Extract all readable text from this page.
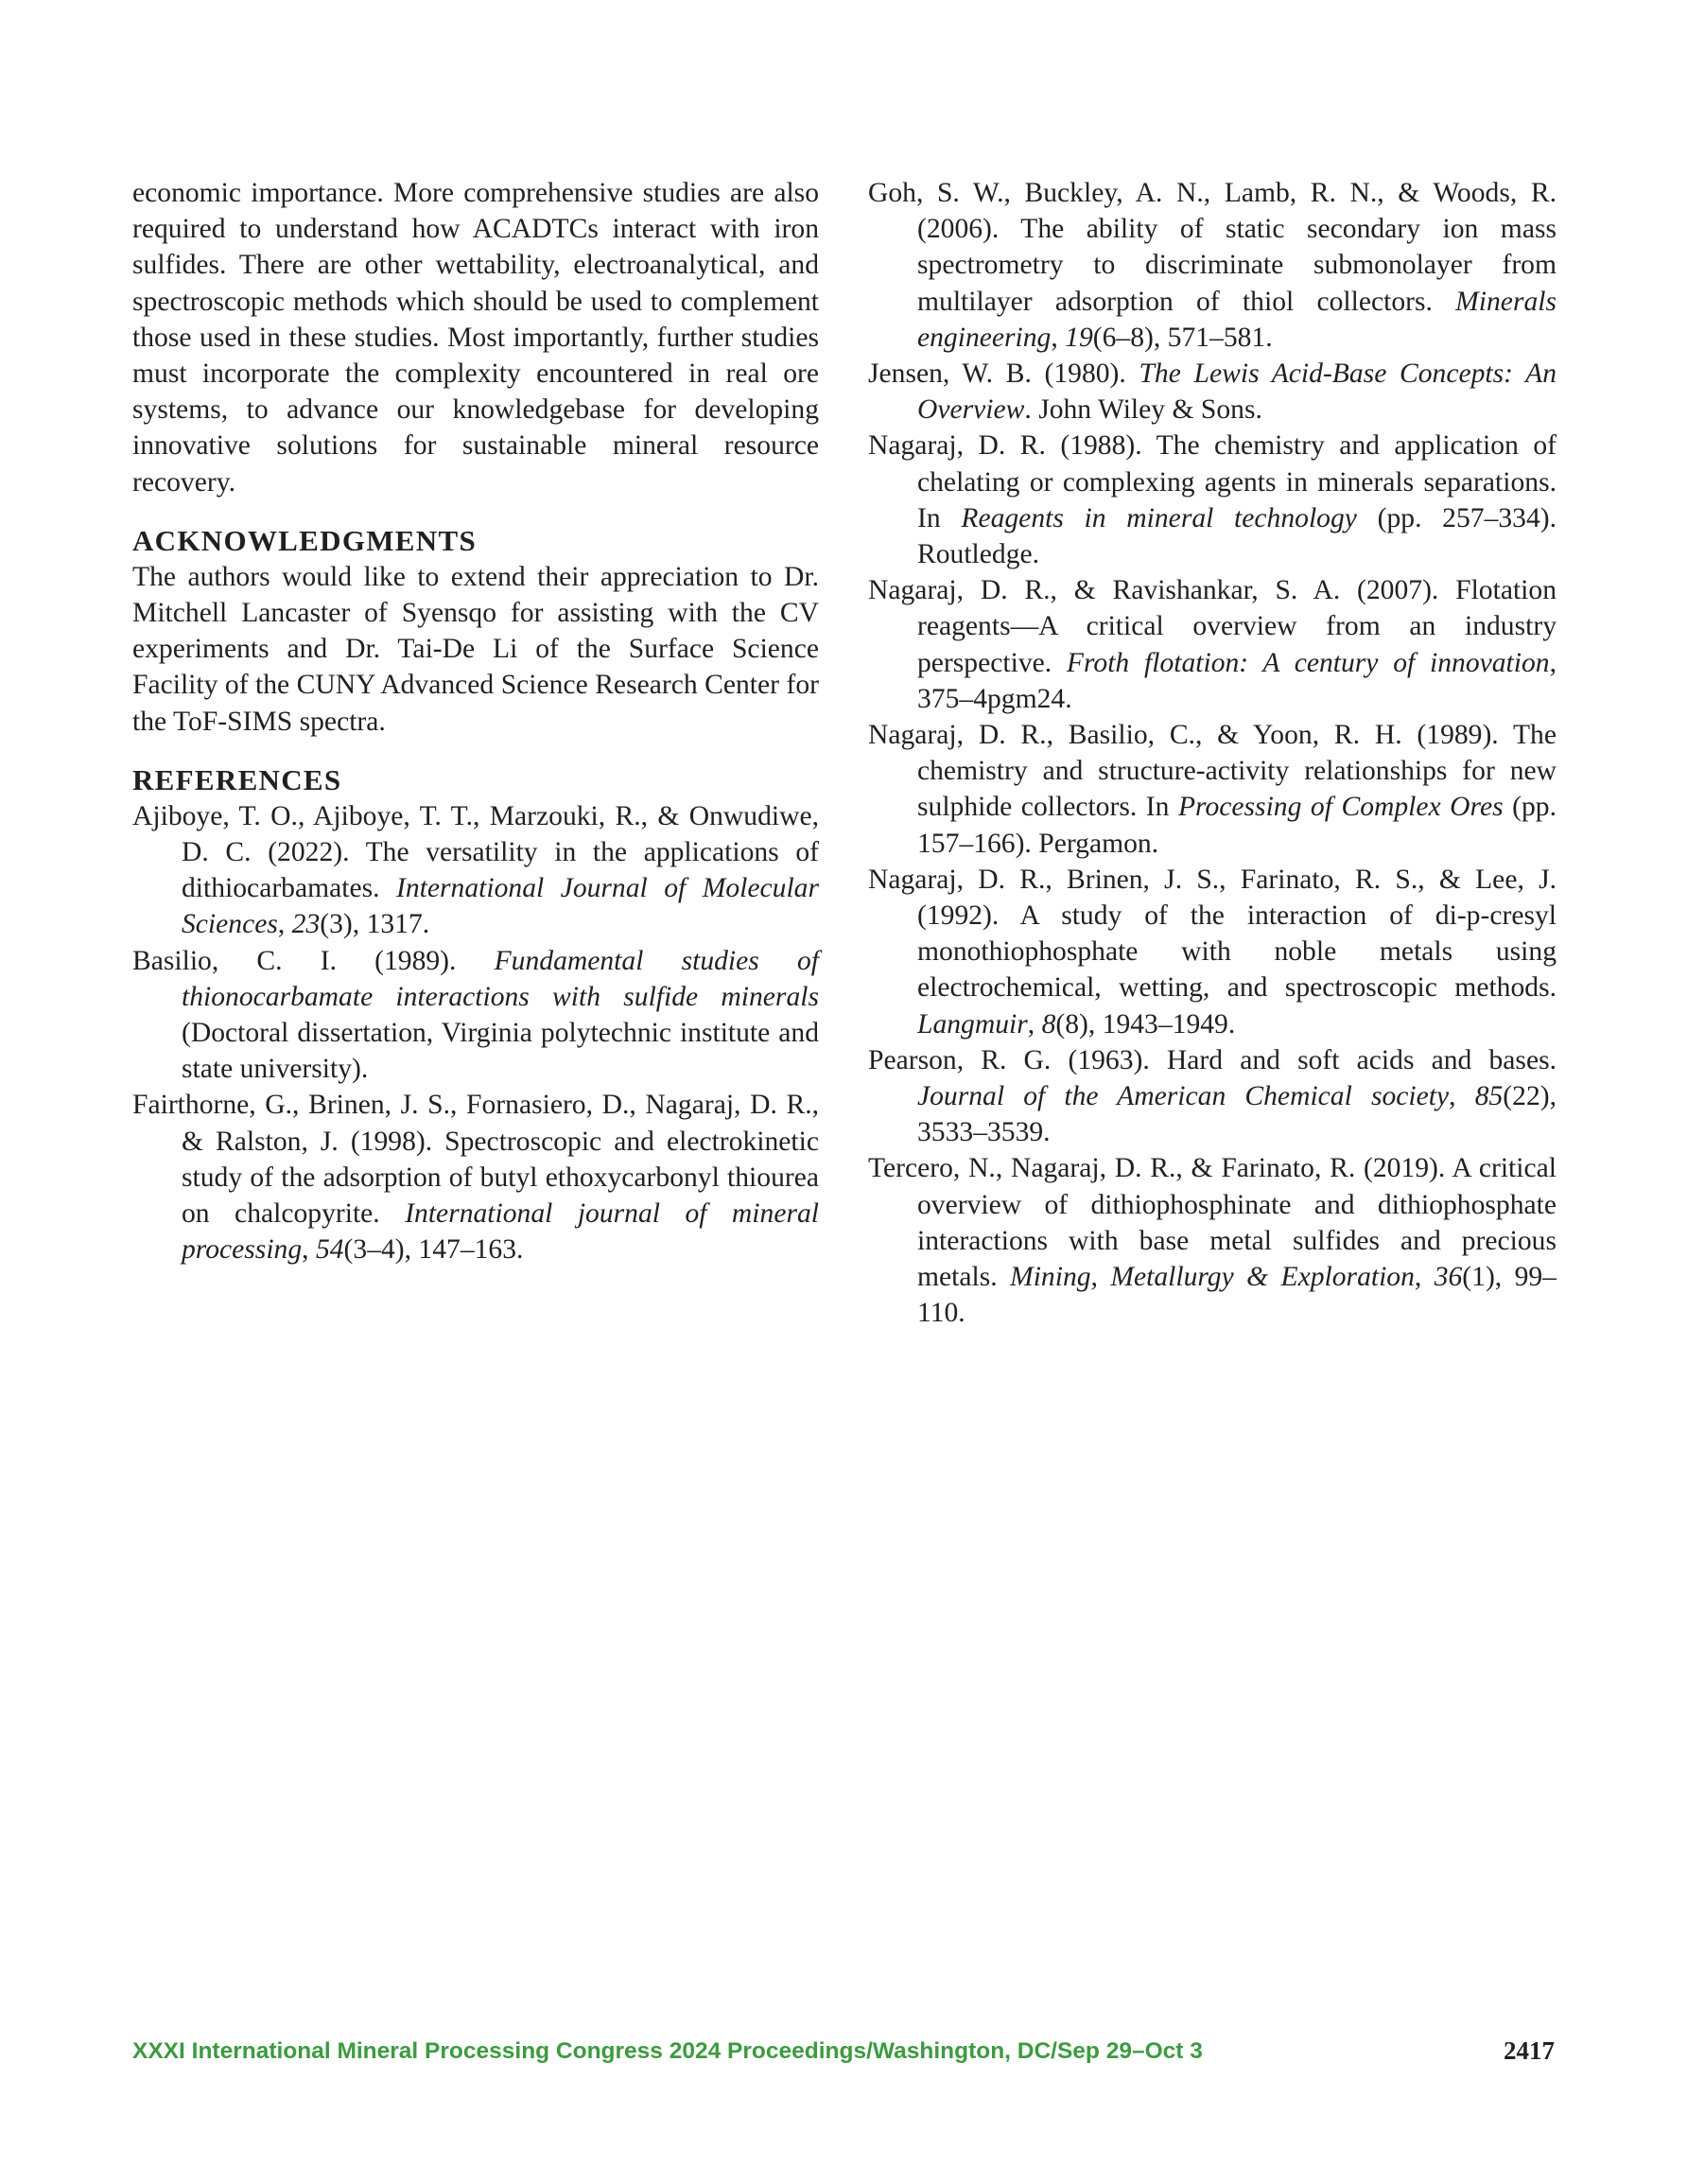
economic importance. More comprehensive studies are also required to understand how ACADTCs interact with iron sulfides. There are other wettability, electroanalytical, and spectroscopic methods which should be used to complement those used in these studies. Most importantly, further studies must incorporate the complexity encountered in real ore systems, to advance our knowledgebase for developing innovative solutions for sustainable mineral resource recovery.

ACKNOWLEDGMENTS

The authors would like to extend their appreciation to Dr. Mitchell Lancaster of Syensqo for assisting with the CV experiments and Dr. Tai-De Li of the Surface Science Facility of the CUNY Advanced Science Research Center for the ToF-SIMS spectra.

REFERENCES

Ajiboye, T. O., Ajiboye, T. T., Marzouki, R., & Onwudiwe, D. C. (2022). The versatility in the applications of dithiocarbamates. International Journal of Molecular Sciences, 23(3), 1317.

Basilio, C. I. (1989). Fundamental studies of thionocarbamate interactions with sulfide minerals (Doctoral dissertation, Virginia polytechnic institute and state university).

Fairthorne, G., Brinen, J. S., Fornasiero, D., Nagaraj, D. R., & Ralston, J. (1998). Spectroscopic and electrokinetic study of the adsorption of butyl ethoxycarbonyl thiourea on chalcopyrite. International journal of mineral processing, 54(3–4), 147–163.

Goh, S. W., Buckley, A. N., Lamb, R. N., & Woods, R. (2006). The ability of static secondary ion mass spectrometry to discriminate submonolayer from multilayer adsorption of thiol collectors. Minerals engineering, 19(6–8), 571–581.

Jensen, W. B. (1980). The Lewis Acid-Base Concepts: An Overview. John Wiley & Sons.

Nagaraj, D. R. (1988). The chemistry and application of chelating or complexing agents in minerals separations. In Reagents in mineral technology (pp. 257–334). Routledge.

Nagaraj, D. R., & Ravishankar, S. A. (2007). Flotation reagents—A critical overview from an industry perspective. Froth flotation: A century of innovation, 375–4pgm24.

Nagaraj, D. R., Basilio, C., & Yoon, R. H. (1989). The chemistry and structure-activity relationships for new sulphide collectors. In Processing of Complex Ores (pp. 157–166). Pergamon.

Nagaraj, D. R., Brinen, J. S., Farinato, R. S., & Lee, J. (1992). A study of the interaction of di-p-cresyl monothiophosphate with noble metals using electrochemical, wetting, and spectroscopic methods. Langmuir, 8(8), 1943–1949.

Pearson, R. G. (1963). Hard and soft acids and bases. Journal of the American Chemical society, 85(22), 3533–3539.

Tercero, N., Nagaraj, D. R., & Farinato, R. (2019). A critical overview of dithiophosphinate and dithiophosphate interactions with base metal sulfides and precious metals. Mining, Metallurgy & Exploration, 36(1), 99–110.

XXXI International Mineral Processing Congress 2024 Proceedings/Washington, DC/Sep 29–Oct 3	2417
